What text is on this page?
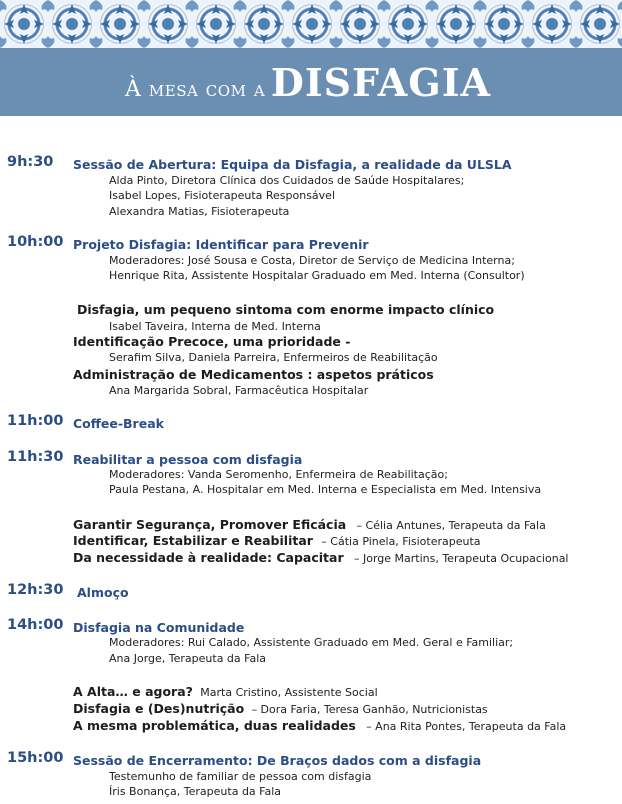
À mesa com a DISFAGIA
9h:30 Sessão de Abertura: Equipa da Disfagia, a realidade da ULSLA
Alda Pinto, Diretora Clínica dos Cuidados de Saúde Hospitalares;
Isabel Lopes, Fisioterapeuta Responsável
Alexandra Matias, Fisioterapeuta
10h:00 Projeto Disfagia: Identificar para Prevenir
Moderadores: José Sousa e Costa, Diretor de Serviço de Medicina Interna;
Henrique Rita, Assistente Hospitalar Graduado em Med. Interna (Consultor)
Disfagia, um pequeno sintoma com enorme impacto clínico
Isabel Taveira, Interna de Med. Interna
Identificação Precoce, uma prioridade -
Serafim Silva, Daniela Parreira, Enfermeiros de Reabilitação
Administração de Medicamentos : aspetos práticos
Ana Margarida Sobral, Farmacêutica Hospitalar
11h:00 Coffee-Break
11h:30 Reabilitar a pessoa com disfagia
Moderadores: Vanda Seromenho, Enfermeira de Reabilitação;
Paula Pestana, A. Hospitalar em Med. Interna e Especialista em Med. Intensiva
Garantir Segurança, Promover Eficácia – Célia Antunes, Terapeuta da Fala
Identificar, Estabilizar e Reabilitar – Cátia Pinela, Fisioterapeuta
Da necessidade à realidade: Capacitar – Jorge Martins, Terapeuta Ocupacional
12h:30 Almoço
14h:00 Disfagia na Comunidade
Moderadores: Rui Calado, Assistente Graduado em Med. Geral e Familiar;
Ana Jorge, Terapeuta da Fala
A Alta… e agora? Marta Cristino, Assistente Social
Disfagia e (Des)nutrição – Dora Faria, Teresa Ganhão, Nutricionistas
A mesma problemática, duas realidades – Ana Rita Pontes, Terapeuta da Fala
15h:00 Sessão de Encerramento: De Braços dados com a disfagia
Testemunho de familiar de pessoa com disfagia
Íris Bonança, Terapeuta da Fala
